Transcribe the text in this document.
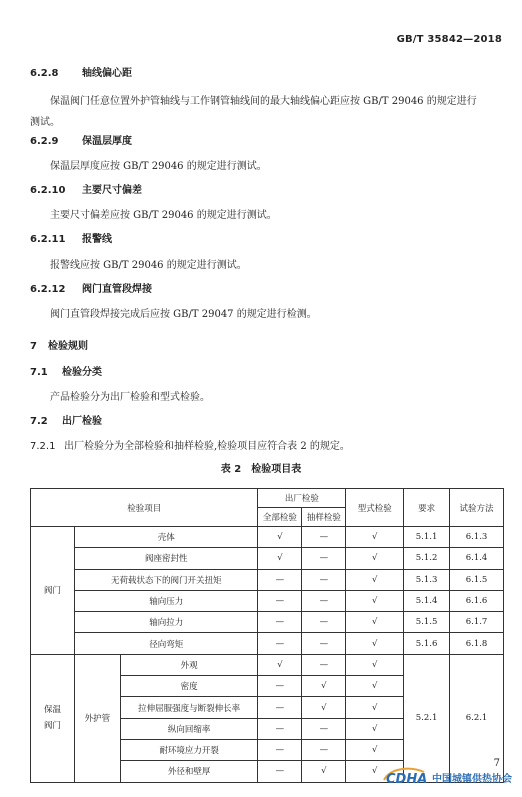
GB/T 35842—2018
6.2.8 轴线偏心距
保温阀门任意位置外护管轴线与工作钢管轴线间的最大轴线偏心距应按 GB/T 29046 的规定进行
测试。
6.2.9 保温层厚度
保温层厚度应按 GB/T 29046 的规定进行测试。
6.2.10 主要尺寸偏差
主要尺寸偏差应按 GB/T 29046 的规定进行测试。
6.2.11 报警线
报警线应按 GB/T 29046 的规定进行测试。
6.2.12 阀门直管段焊接
阀门直管段焊接完成后应按 GB/T 29047 的规定进行检测。
7 检验规则
7.1 检验分类
产品检验分为出厂检验和型式检验。
7.2 出厂检验
7.2.1 出厂检验分为全部检验和抽样检验,检验项目应符合表 2 的规定。
表 2　检验项目表
检验项目			出厂检验		型式检验	要求	试验方法
			全部检验	抽样检验			
阀门	壳体		√	—	√	5.1.1	6.1.3
	阀座密封性		√	—	√	5.1.2	6.1.4
	无荷载状态下的阀门开关扭矩		—	—	√	5.1.3	6.1.5
	轴向压力		—	—	√	5.1.4	6.1.6
	轴向拉力		—	—	√	5.1.5	6.1.7
	径向弯矩		—	—	√	5.1.6	6.1.8
保温阀门	外护管	外观	√	—	√	5.2.1	6.2.1
		密度	—	√	√		
		拉伸屈服强度与断裂伸长率	—	√	√		
		纵向回缩率	—	—	√		
		耐环境应力开裂	—	—	√		
		外径和壁厚	—	√	√		
7
CDHA 中国城镇供热协会
